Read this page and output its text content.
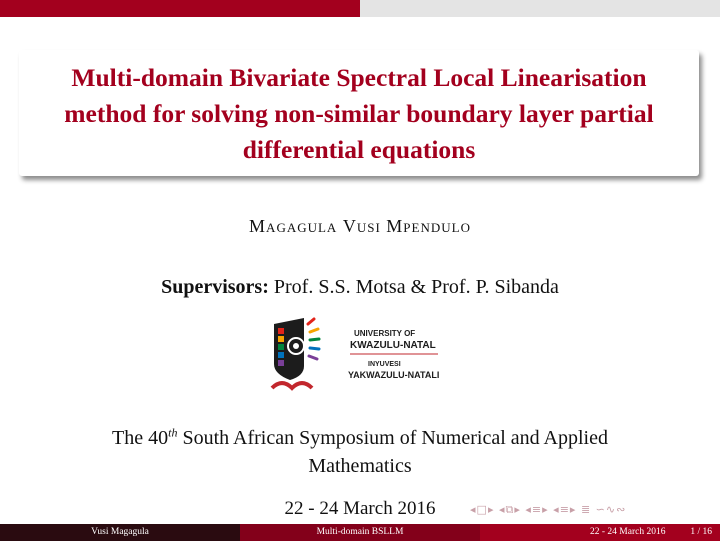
Multi-domain Bivariate Spectral Local Linearisation
method for solving non-similar boundary layer partial
differential equations
Magagula Vusi Mpendulo
Supervisors: Prof. S.S. Motsa & Prof. P. Sibanda
UNIVERSITY OF
KWAZULU-NATAL
INYUVESI
YAKWAZULU-NATALI
The 40th South African Symposium of Numerical and Applied
Mathematics
22 - 24 March 2016	◂□▸ ◂⧉▸ ◂≡▸ ◂≡▸ ≣ ∽∿∾
Vusi Magagula	Multi-domain BSLLM	22 - 24 March 2016	1 / 16
